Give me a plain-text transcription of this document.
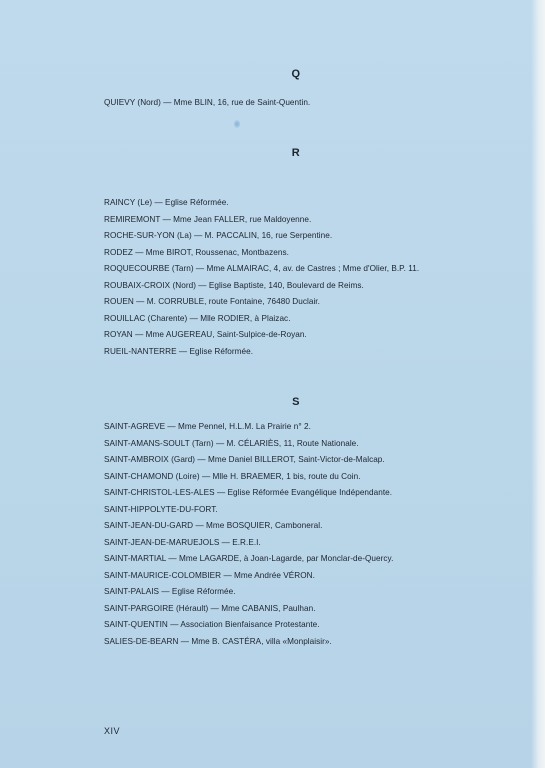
Q
QUIEVY (Nord) — Mme BLIN, 16, rue de Saint-Quentin.
R
RAINCY (Le) — Eglise Réformée.
REMIREMONT — Mme Jean FALLER, rue Maldoyenne.
ROCHE-SUR-YON (La) — M. PACCALIN, 16, rue Serpentine.
RODEZ — Mme BIROT, Roussenac, Montbazens.
ROQUECOURBE (Tarn) — Mme ALMAIRAC, 4, av. de Castres ; Mme d'Olier, B.P. 11.
ROUBAIX-CROIX (Nord) — Eglise Baptiste, 140, Boulevard de Reims.
ROUEN — M. CORRUBLE, route Fontaine, 76480 Duclair.
ROUILLAC (Charente) — Mlle RODIER, à Plaizac.
ROYAN — Mme AUGEREAU, Saint-Sulpice-de-Royan.
RUEIL-NANTERRE — Eglise Réformée.
S
SAINT-AGREVE — Mme Pennel, H.L.M. La Prairie n° 2.
SAINT-AMANS-SOULT (Tarn) — M. CÉLARIÈS, 11, Route Nationale.
SAINT-AMBROIX (Gard) — Mme Daniel BILLEROT, Saint-Victor-de-Malcap.
SAINT-CHAMOND (Loire) — Mlle H. BRAEMER, 1 bis, route du Coin.
SAINT-CHRISTOL-LES-ALES — Eglise Réformée Evangélique Indépendante.
SAINT-HIPPOLYTE-DU-FORT.
SAINT-JEAN-DU-GARD — Mme BOSQUIER, Camboneral.
SAINT-JEAN-DE-MARUEJOLS — E.R.E.I.
SAINT-MARTIAL — Mme LAGARDE, à Joan-Lagarde, par Monclar-de-Quercy.
SAINT-MAURICE-COLOMBIER — Mme Andrée VÉRON.
SAINT-PALAIS — Eglise Réformée.
SAINT-PARGOIRE (Hérault) — Mme CABANIS, Paulhan.
SAINT-QUENTIN — Association Bienfaisance Protestante.
SALIES-DE-BEARN — Mme B. CASTÉRA, villa «Monplaisir».
XIV
